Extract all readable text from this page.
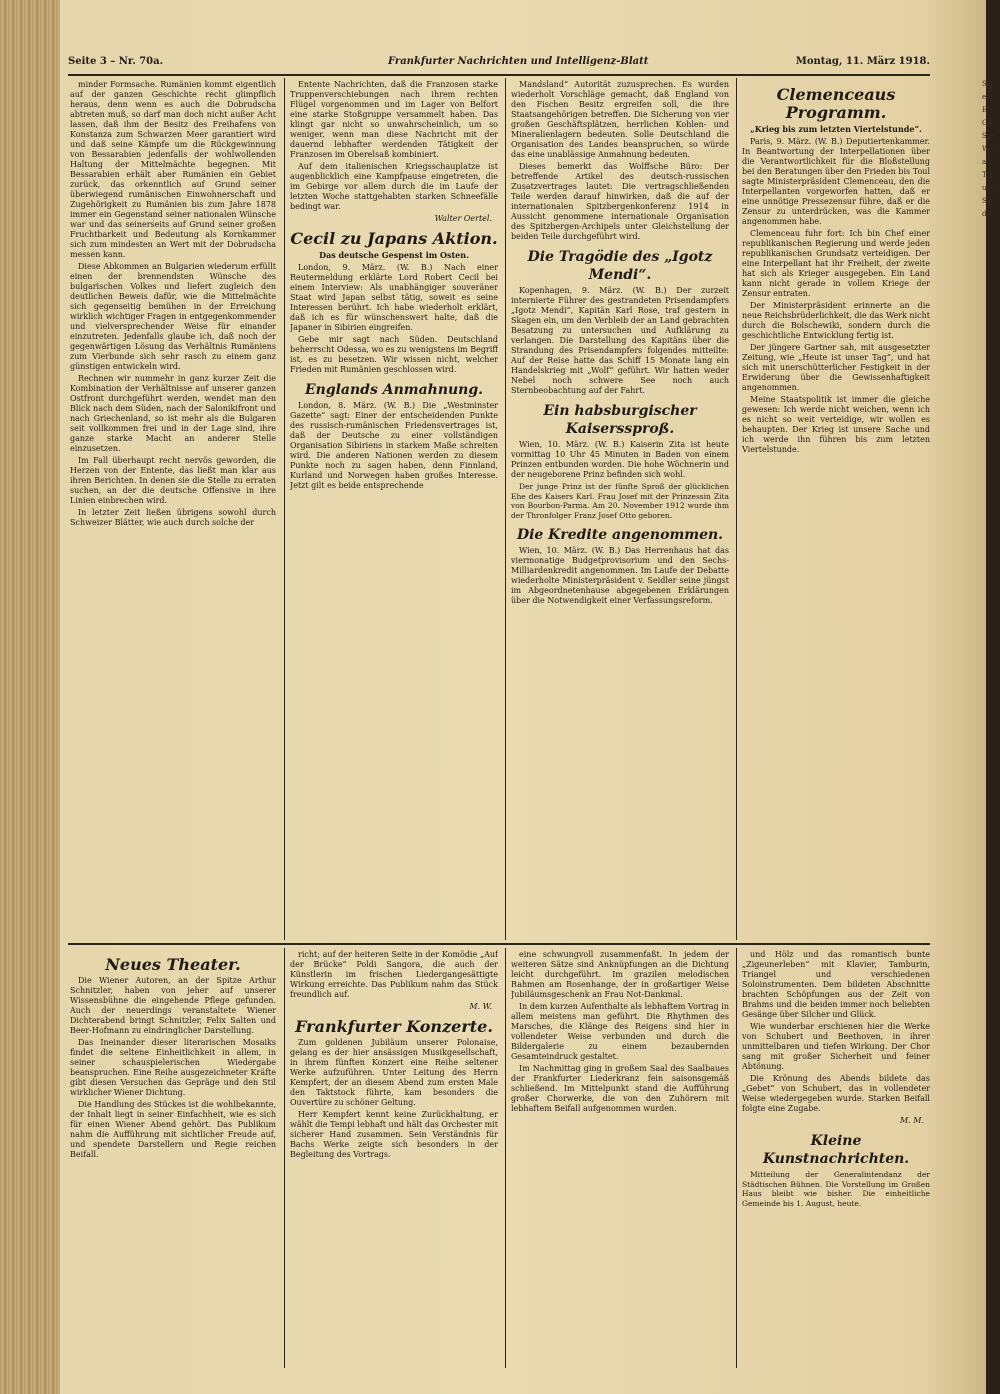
Seite 3 – Nr. 70a.	Frankfurter Nachrichten und Intelligenz-Blatt	Montag, 11. März 1918.

minder Formsache. Rumänien kommt eigentlich auf der ganzen Geschichte recht glimpflich heraus, denn wenn es auch die Dobrudscha abtreten muß, so darf man doch nicht außer Acht lassen, daß ihm der Besitz des Freihafens von Konstanza zum Schwarzen Meer garantiert wird und daß seine Kämpfe um die Rückgewinnung von Bessarabien jedenfalls der wohlwollenden Haltung der Mittelmächte begegnen. Mit Bessarabien erhält aber Rumänien ein Gebiet zurück, das orkenntlich auf Grund seiner überwiegend rumänischen Einwohnerschaft und Zugehörigkeit zu Rumänien bis zum Jahre 1878 immer ein Gegenstand seiner nationalen Wünsche war und das seinerseits auf Grund seiner großen Fruchtbarkeit und Bedeutung als Kornkammer sich zum mindesten an Wert mit der Dobrudscha messen kann.

Diese Abkommen an Bulgarien wiederum erfüllt einen der brennendsten Wünsche des bulgarischen Volkes und liefert zugleich den deutlichen Beweis dafür, wie die Mittelmächte sich gegenseitig bemühen in der Erreichung wirklich wichtiger Fragen in entgegenkommender und vielversprechender Weise für einander einzutreten. Jedenfalls glaube ich, daß noch der gegenwärtigen Lösung das Verhältnis Rumäniens zum Vierbunde sich sehr rasch zu einem ganz günstigen entwickeln wird.

Rechnen wir nummehr in ganz kurzer Zeit die Kombination der Verhältnisse auf unserer ganzen Ostfront durchgeführt werden, wendet man den Blick nach dem Süden, nach der Salonikifront und nach Griechenland, so ist mehr als die Bulgaren seit vollkommen frei und in der Lage sind, ihre ganze starke Macht an anderer Stelle einzusetzen.

Im Fall überhaupt recht nervös geworden, die Herzen von der Entente, das ließt man klar aus ihren Berichten. In denen sie die Stelle zu erraten suchen, an der die deutsche Offensive in ihre Linien einbrechen wird.

In letzter Zeit ließen übrigens sowohl durch Schweizer Blätter, wie auch durch solche der

Entente Nachrichten, daß die Franzosen starke Truppenverschiebungen nach ihrem rechten Flügel vorgenommen und im Lager von Belfort eine starke Stoßgruppe versammelt haben. Das klingt gar nicht so unwahrscheinlich, um so weniger, wenn man diese Nachricht mit der dauernd lebhafter werdenden Tätigkeit der Franzosen im Oberelsaß kombiniert.

Auf dem italienischen Kriegsschauplatze ist augenblicklich eine Kampfpause eingetreten, die im Gebirge vor allem durch die im Laufe der letzten Woche stattgehabten starken Schneefälle bedingt war.

Walter Oertel.
Cecil zu Japans Aktion.
Das deutsche Gespenst im Osten.

London, 9. März. (W. B.) Nach einer Reutermeldung erklärte Lord Robert Cecil bei einem Interview: Als unabhängiger souveräner Staat wird Japan selbst tätig, soweit es seine Interessen berührt. Ich habe wiederholt erklärt, daß ich es für wünschenswert halte, daß die Japaner in Sibirien eingreifen.

Gebe mir sagt nach Süden. Deutschland beherrscht Odessa, wo es zu wenigstens im Begriff ist, es zu besetzen. Wir wissen nicht, welcher Frieden mit Rumänien geschlossen wird.

Englands Anmahnung.

London, 8. März. (W. B.) Die „Westminster Gazette“ sagt: Einer der entscheidenden Punkte des russisch-rumänischen Friedensvertrages ist, daß der Deutsche zu einer vollständigen Organisation Sibiriens in starkem Maße schreiten wird. Die anderen Nationen werden zu diesem Punkte noch zu sagen haben, denn Finnland, Kurland und Norwegen haben großes Interesse. Jetzt gilt es beide entsprechende

Mandsland“ Autorität zuzusprechen. Es wurden wiederholt Vorschläge gemacht, daß England von den Fischen Besitz ergreifen soll, die ihre Staatsangehörigen betreffen. Die Sicherung von vier großen Geschäftsplätzen, herrlichen Kohlen- und Mineralienlagern bedeuten. Solle Deutschland die Organisation des Landes beanspruchen, so würde das eine unablässige Anmahnung bedeuten.

Dieses bemerkt das Wolffsche Büro: Der betreffende Artikel des deutsch-russischen Zusatzvertrages lautet: Die vertragschließenden Teile werden darauf hinwirken, daß die auf der internationalen Spitzbergenkonferenz 1914 in Aussicht genommene internationale Organisation des Spitzbergen-Archipels unter Gleichstellung der beiden Teile durchgeführt wird.

Die Tragödie des „Igotz Mendi“.

Kopenhagen, 9. März. (W. B.) Der zurzeit internierte Führer des gestrandeten Prisendampfers „Igotz Mendi“, Kapitän Karl Rose, traf gestern in Skagen ein, um den Verbleib der an Land gebrachten Besatzung zu untersuchen und Aufklärung zu verlangen. Die Darstellung des Kapitäns über die Strandung des Prisendampfers folgendes mitteilte: Auf der Reise hatte das Schiff 15 Monate lang ein Handelskrieg mit „Wolf“ geführt. Wir hatten weder Nebel noch schwere See noch auch Sternbeobachtung auf der Fahrt.

Ein habsburgischer Kaiserssproß.

Wien, 10. März. (W. B.) Kaiserin Zita ist heute vormittag 10 Uhr 45 Minuten in Baden von einem Prinzen entbunden worden. Die hohe Wöchnerin und der neugeborene Prinz befinden sich wohl.

Der junge Prinz ist der fünfte Sproß der glücklichen Ehe des Kaisers Karl. Frau Josef mit der Prinzessin Zita von Bourbon-Parma. Am 20. November 1912 wurde ihm der Thronfolger Franz Josef Otto geboren.

Die Kredite angenommen.

Wien, 10. März. (W. B.) Das Herrenhaus hat das viermonatige Budgetprovisorium und den Sechs-Milliardenkredit angenommen. Im Laufe der Debatte wiederholte Ministerpräsident v. Seidler seine jüngst im Abgeordnetenhause abgegebenen Erklärungen über die Notwendigkeit einer Verfassungsreform.

Clemenceaus Programm.
„Krieg bis zum letzten Viertelstunde“.

Paris, 9. März. (W. B.) Deputiertenkammer. In Beantwortung der Interpellationen über die Verantwortlichkeit für die Bloßstellung bei den Beratungen über den Frieden bis Toul sagte Ministerpräsident Clemenceau, den die Interpellanten vorgeworfen hatten, daß er eine unnötige Pressezensur führe, daß er die Zensur zu unterdrücken, was die Kammer angenommen habe.

Clemenceau fuhr fort: Ich bin Chef einer republikanischen Regierung und werde jeden republikanischen Grundsatz verteidigen. Der eine Interpellant hat ihr Freiheit, der zweite hat sich als Krieger ausgegeben. Ein Land kann nicht gerade in vollem Kriege der Zensur entraten.

Der Ministerpräsident erinnerte an die neue Reichsbrüderlichkeit, die das Werk nicht durch die Bolschewiki, sondern durch die geschichtliche Entwicklung fertig ist.

Der jüngere Gartner sah, mit ausgesetzter Zeitung, wie „Heute ist unser Tag“, und hat sich mit unerschütterlicher Festigkeit in der Erwiderung über die Gewissenhaftigkeit angenommen.

Meine Staatspolitik ist immer die gleiche gewesen: Ich werde nicht weichen, wenn ich es nicht so weit verteidige, wir wollen es behaupten. Der Krieg ist unsere Sache und ich werde ihn führen bis zum letzten Viertelstunde.

Neues Theater.

Die Wiener Autoren, an der Spitze Arthur Schnitzler, haben von jeher auf unserer Wissensbühne die eingehende Pflege gefunden. Auch der neuerdings veranstaltete Wiener Dichterabend bringt Schnitzler, Felix Salten und Beer-Hofmann zu eindringlicher Darstellung.

Das Ineinander dieser literarischen Mosaiks findet die seltene Einheitlichkeit in allem, in seiner schauspielerischen Wiedergabe beanspruchen. Eine Reihe ausgezeichneter Kräfte gibt diesen Versuchen das Gepräge und den Stil wirklicher Wiener Dichtung.

Die Handlung des Stückes ist die wohlbekannte, der Inhalt liegt in seiner Einfachheit, wie es sich für einen Wiener Abend gehört. Das Publikum nahm die Aufführung mit sichtlicher Freude auf, und spendete Darstellern und Regie reichen Beifall.

richt; auf der heiteren Seite in der Komödie „Auf der Brücke“ Poldi Sangora, die auch der Künstlerin im frischen Liedergangesättigte Wirkung erreichte. Das Publikum nahm das Stück freundlich auf.

M. W.
Frankfurter Konzerte.

Zum goldenen Jubiläum unserer Polonaise, gelang es der hier ansässigen Musikgesellschaft, in ihrem fünften Konzert eine Reihe seltener Werke aufzuführen. Unter Leitung des Herrn Kempfert, der an diesem Abend zum ersten Male den Taktstock führte, kam besonders die Ouvertüre zu schöner Geltung.

Herr Kempfert kennt keine Zurückhaltung, er wählt die Tempi lebhaft und hält das Orchester mit sicherer Hand zusammen. Sein Verständnis für Bachs Werke zeigte sich besonders in der Begleitung des Vortrags.

eine schwungvoll zusammenfaßt. In jedem der weiteren Sätze sind Anknüpfungen an die Dichtung leicht durchgeführt. Im grazilen melodischen Rahmen am Rosenhange, der in großartiger Weise Jubiläumsgeschenk an Frau Not-Dankmal.

In dem kurzen Aufenthalte als lebhaftem Vortrag in allem meistens man geführt. Die Rhythmen des Marsches, die Klänge des Reigens sind hier in vollendeter Weise verbunden und durch die Bildergalerie zu einem bezaubernden Gesamteindruck gestaltet.

Im Nachmittag ging in großem Saal des Saalbaues der Frankfurter Liederkranz fein saisonsgemäß schließend. Im Mittelpunkt stand die Aufführung großer Chorwerke, die von den Zuhörern mit lebhaftem Beifall aufgenommen wurden.

und Hölz und das romantisch bunte „Zigeunerleben“ mit Klavier, Tamburin, Triangel und verschiedenen Soloinstrumenten. Dem bildeten Abschnitte brachten Schöpfungen aus der Zeit von Brahms und die beiden immer noch beliebten Gesänge über Silcher und Glück.

Wie wunderbar erschienen hier die Werke von Schubert und Beethoven, in ihrer unmittelbaren und tiefen Wirkung. Der Chor sang mit großer Sicherheit und feiner Abtönung.

Die Krönung des Abends bildete das „Gebet“ von Schubert, das in vollendeter Weise wiedergegeben wurde. Starken Beifall folgte eine Zugabe.

M. M.
Kleine Kunstnachrichten.

Mitteilung der Generalintendanz der Städtischen Bühnen. Die Vorstellung im Großen Haus bleibt wie bisher. Die einheitliche Gemeinde bis 1. August, heute.

Sie
ein
Eis
Ge
Spe
Wer
als
Tie
und
Sie
die
